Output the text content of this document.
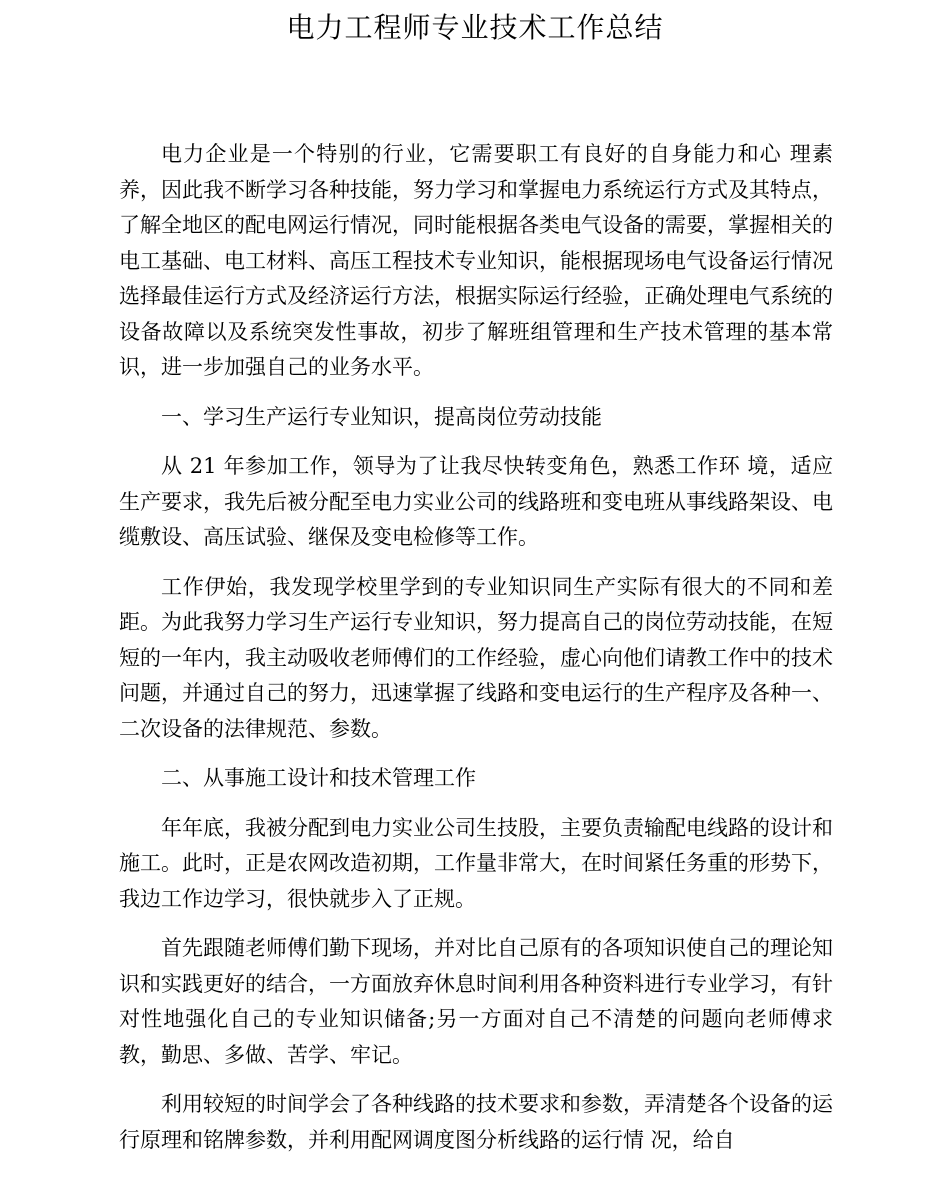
电力工程师专业技术工作总结

电力企业是一个特别的行业，它需要职工有良好的自身能力和心 理素养，因此我不断学习各种技能，努力学习和掌握电力系统运行方式及其特点，了解全地区的配电网运行情况，同时能根据各类电气设备的需要，掌握相关的电工基础、电工材料、高压工程技术专业知识，能根据现场电气设备运行情况选择最佳运行方式及经济运行方法，根据实际运行经验，正确处理电气系统的设备故障以及系统突发性事故，初步了解班组管理和生产技术管理的基本常识，进一步加强自己的业务水平。

一、学习生产运行专业知识，提高岗位劳动技能

从 21 年参加工作，领导为了让我尽快转变角色，熟悉工作环 境，适应生产要求，我先后被分配至电力实业公司的线路班和变电班从事线路架设、电缆敷设、高压试验、继保及变电检修等工作。

工作伊始，我发现学校里学到的专业知识同生产实际有很大的不同和差距。为此我努力学习生产运行专业知识，努力提高自己的岗位劳动技能，在短短的一年内，我主动吸收老师傅们的工作经验，虚心向他们请教工作中的技术问题，并通过自己的努力，迅速掌握了线路和变电运行的生产程序及各种一、二次设备的法律规范、参数。

二、从事施工设计和技术管理工作

年年底，我被分配到电力实业公司生技股，主要负责输配电线路的设计和施工。此时，正是农网改造初期，工作量非常大，在时间紧任务重的形势下，我边工作边学习，很快就步入了正规。

首先跟随老师傅们勤下现场，并对比自己原有的各项知识使自己的理论知识和实践更好的结合，一方面放弃休息时间利用各种资料进行专业学习，有针对性地强化自己的专业知识储备;另一方面对自己不清楚的问题向老师傅求教，勤思、多做、苦学、牢记。

利用较短的时间学会了各种线路的技术要求和参数，弄清楚各个设备的运行原理和铭牌参数，并利用配网调度图分析线路的运行情 况，给自
